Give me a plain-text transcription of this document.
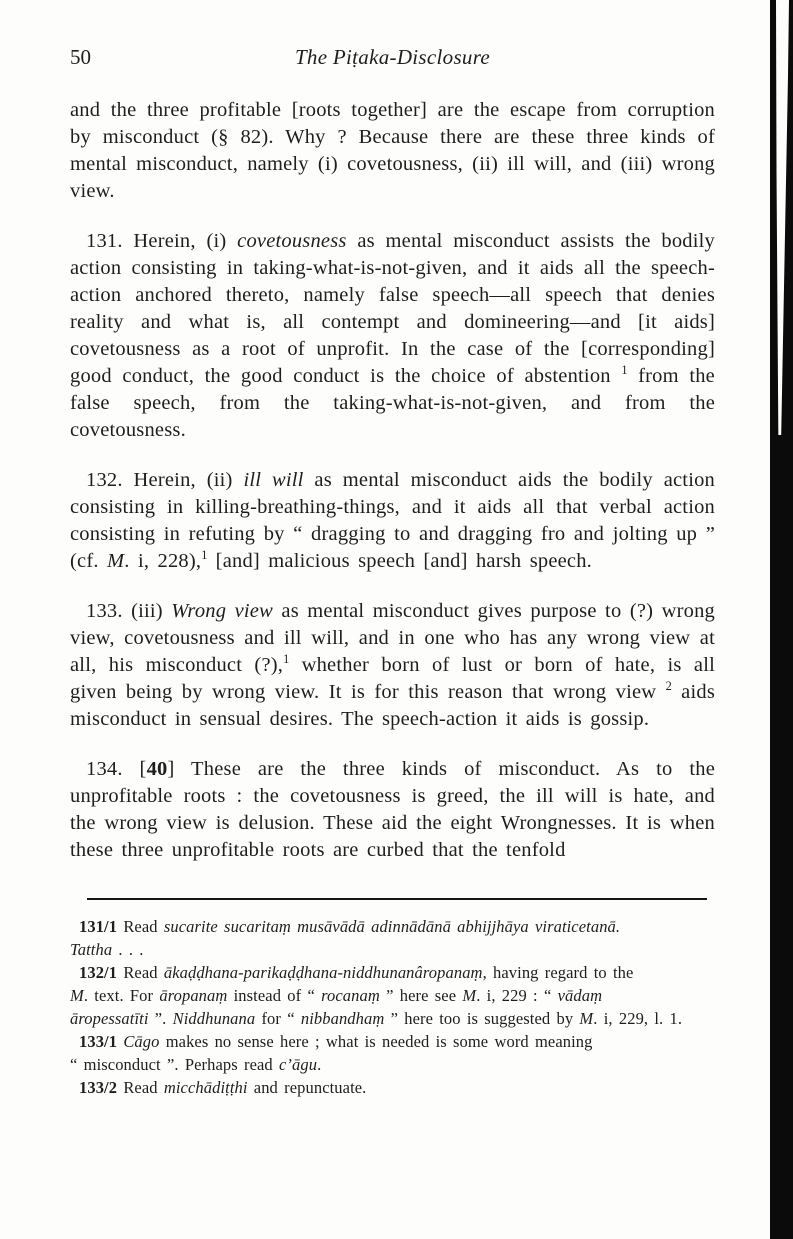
50	The Piṭaka-Disclosure

and the three profitable [roots together] are the escape from corruption by misconduct (§ 82). Why ? Because there are these three kinds of mental misconduct, namely (i) covetousness, (ii) ill will, and (iii) wrong view.

131. Herein, (i) covetousness as mental misconduct assists the bodily action consisting in taking-what-is-not-given, and it aids all the speech-action anchored thereto, namely false speech—all speech that denies reality and what is, all contempt and domineering—and [it aids] covetousness as a root of unprofit. In the case of the [corresponding] good conduct, the good conduct is the choice of abstention $^1$ from the false speech, from the taking-what-is-not-given, and from the covetousness.

132. Herein, (ii) ill will as mental misconduct aids the bodily action consisting in killing-breathing-things, and it aids all that verbal action consisting in refuting by “ dragging to and dragging fro and jolting up ” (cf. M. i, 228),$^1$ [and] malicious speech [and] harsh speech.

133. (iii) Wrong view as mental misconduct gives purpose to (?) wrong view, covetousness and ill will, and in one who has any wrong view at all, his misconduct (?),$^1$ whether born of lust or born of hate, is all given being by wrong view. It is for this reason that wrong view $^2$ aids misconduct in sensual desires. The speech-action it aids is gossip.

134. [40] These are the three kinds of misconduct. As to the unprofitable roots : the covetousness is greed, the ill will is hate, and the wrong view is delusion. These aid the eight Wrongnesses. It is when these three unprofitable roots are curbed that the tenfold

131/1 Read sucarite sucaritaṃ musāvādā adinnādānā abhijjhāya viraticetanā.
Tattha . . .

132/1 Read ākaḍḍhana-parikaḍḍhana-niddhunanâropanaṃ, having regard to the
M. text. For āropanaṃ instead of “ rocanaṃ ” here see M. i, 229 : “ vādaṃ
āropessatīti ”. Niddhunana for “ nibbandhaṃ ” here too is suggested by M. i, 229, l. 1.

133/1 Cāgo makes no sense here ; what is needed is some word meaning
“ misconduct ”. Perhaps read c’āgu.

133/2 Read micchādiṭṭhi and repunctuate.
